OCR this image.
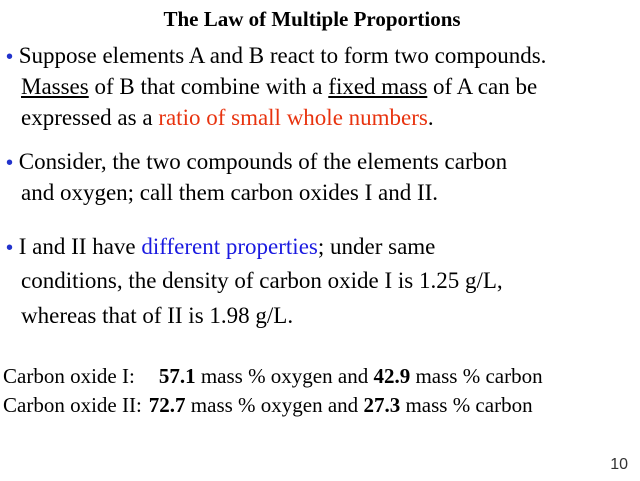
The Law of Multiple Proportions
• Suppose elements A and B react to form two compounds.
Masses of B that combine with a fixed mass of A can be
expressed as a ratio of small whole numbers.
• Consider, the two compounds of the elements carbon
and oxygen; call them carbon oxides I and II.
• I and II have different properties; under same
conditions, the density of carbon oxide I is 1.25 g/L,
whereas that of II is 1.98 g/L.
Carbon oxide I: 57.1 mass % oxygen and 42.9 mass % carbon
Carbon oxide II: 72.7 mass % oxygen and 27.3 mass % carbon
10
